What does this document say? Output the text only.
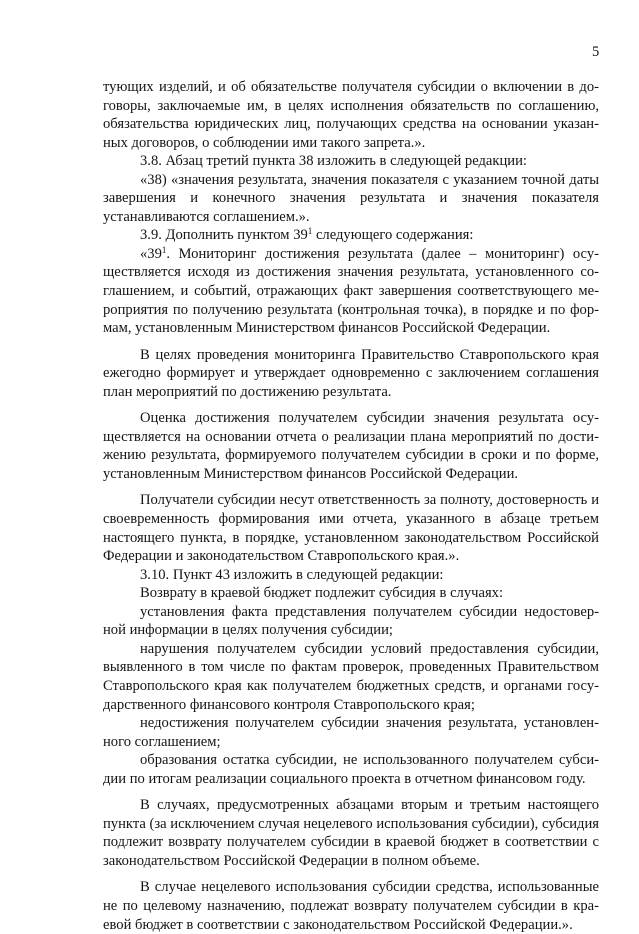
5

тующих изделий, и об обязательстве получателя субсидии о включении в договоры, заключаемые им, в целях исполнения обязательств по соглашению, обязательства юридических лиц, получающих средства на основании указанных договоров, о соблюдении ими такого запрета.».

3.8. Абзац третий пункта 38 изложить в следующей редакции:

«38) «значения результата, значения показателя с указанием точной даты завершения и конечного значения результата и значения показателя устанавливаются соглашением.».

3.9. Дополнить пунктом $39^1$ следующего содержания:

«$39^1$. Мониторинг достижения результата (далее – мониторинг) осуществляется исходя из достижения значения результата, установленного соглашением, и событий, отражающих факт завершения соответствующего мероприятия по получению результата (контрольная точка), в порядке и по формам, установленным Министерством финансов Российской Федерации.

В целях проведения мониторинга Правительство Ставропольского края ежегодно формирует и утверждает одновременно с заключением соглашения план мероприятий по достижению результата.

Оценка достижения получателем субсидии значения результата осуществляется на основании отчета о реализации плана мероприятий по достижению результата, формируемого получателем субсидии в сроки и по форме, установленным Министерством финансов Российской Федерации.

Получатели субсидии несут ответственность за полноту, достоверность и своевременность формирования ими отчета, указанного в абзаце третьем настоящего пункта, в порядке, установленном законодательством Российской Федерации и законодательством Ставропольского края.».

3.10. Пункт 43 изложить в следующей редакции:

Возврату в краевой бюджет подлежит субсидия в случаях:

установления факта представления получателем субсидии недостоверной информации в целях получения субсидии;

нарушения получателем субсидии условий предоставления субсидии, выявленного в том числе по фактам проверок, проведенных Правительством Ставропольского края как получателем бюджетных средств, и органами государственного финансового контроля Ставропольского края;

недостижения получателем субсидии значения результата, установленного соглашением;

образования остатка субсидии, не использованного получателем субсидии по итогам реализации социального проекта в отчетном финансовом году.

В случаях, предусмотренных абзацами вторым и третьим настоящего пункта (за исключением случая нецелевого использования субсидии), субсидия подлежит возврату получателем субсидии в краевой бюджет в соответствии с законодательством Российской Федерации в полном объеме.

В случае нецелевого использования субсидии средства, использованные не по целевому назначению, подлежат возврату получателем субсидии в краевой бюджет в соответствии с законодательством Российской Федерации.».
